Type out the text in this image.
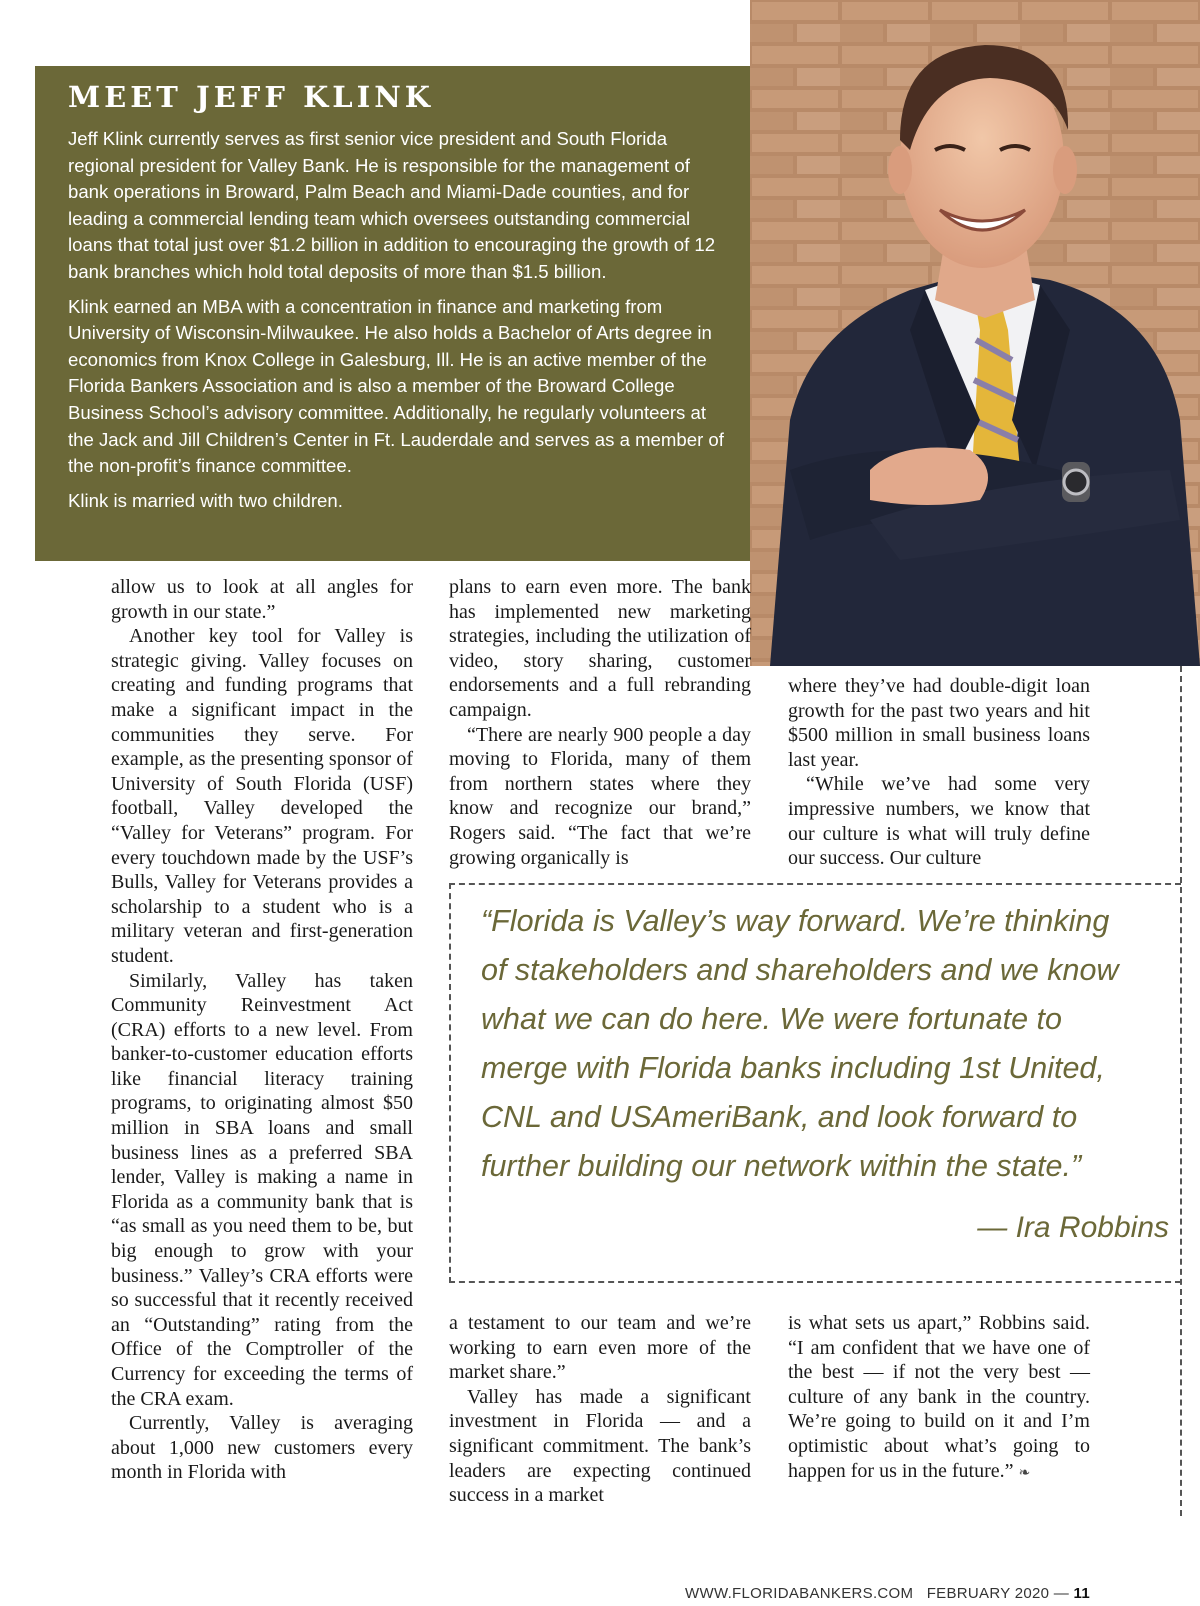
MEET JEFF KLINK

Jeff Klink currently serves as first senior vice president and South Florida regional president for Valley Bank. He is responsible for the management of bank operations in Broward, Palm Beach and Miami-Dade counties, and for leading a commercial lending team which oversees outstanding commercial loans that total just over $1.2 billion in addition to encouraging the growth of 12 bank branches which hold total deposits of more than $1.5 billion.

Klink earned an MBA with a concentration in finance and marketing from University of Wisconsin-Milwaukee. He also holds a Bachelor of Arts degree in economics from Knox College in Galesburg, Ill. He is an active member of the Florida Bankers Association and is also a member of the Broward College Business School’s advisory committee. Additionally, he regularly volunteers at the Jack and Jill Children’s Center in Ft. Lauderdale and serves as a member of the non-profit’s finance committee.

Klink is married with two children.

allow us to look at all angles for growth in our state.”

Another key tool for Valley is strategic giving. Valley focuses on creating and funding programs that make a significant impact in the communities they serve. For example, as the presenting sponsor of University of South Florida (USF) football, Valley developed the “Valley for Veterans” program. For every touchdown made by the USF’s Bulls, Valley for Veterans provides a scholarship to a student who is a military veteran and first-generation student.

Similarly, Valley has taken Community Reinvestment Act (CRA) efforts to a new level. From banker-to-customer education efforts like financial literacy training programs, to originating almost $50 million in SBA loans and small business lines as a preferred SBA lender, Valley is making a name in Florida as a community bank that is “as small as you need them to be, but big enough to grow with your business.” Valley’s CRA efforts were so successful that it recently received an “Outstanding” rating from the Office of the Comptroller of the Currency for exceeding the terms of the CRA exam.

Currently, Valley is averaging about 1,000 new customers every month in Florida with

plans to earn even more. The bank has implemented new marketing strategies, including the utilization of video, story sharing, customer endorsements and a full rebranding campaign.

“There are nearly 900 people a day moving to Florida, many of them from northern states where they know and recognize our brand,” Rogers said. “The fact that we’re growing organically is

where they’ve had double-digit loan growth for the past two years and hit $500 million in small business loans last year.

“While we’ve had some very impressive numbers, we know that our culture is what will truly define our success. Our culture

“Florida is Valley’s way forward. We’re thinking of stakeholders and shareholders and we know what we can do here. We were fortunate to merge with Florida banks including 1st United, CNL and USAmeriBank, and look forward to further building our network within the state.”
— Ira Robbins

a testament to our team and we’re working to earn even more of the market share.”

Valley has made a significant investment in Florida — and a significant commitment. The bank’s leaders are expecting continued success in a market

is what sets us apart,” Robbins said. “I am confident that we have one of the best — if not the very best — culture of any bank in the country. We’re going to build on it and I’m optimistic about what’s going to happen for us in the future.” ❧

WWW.FLORIDABANKERS.COM FEBRUARY 2020 — 11
